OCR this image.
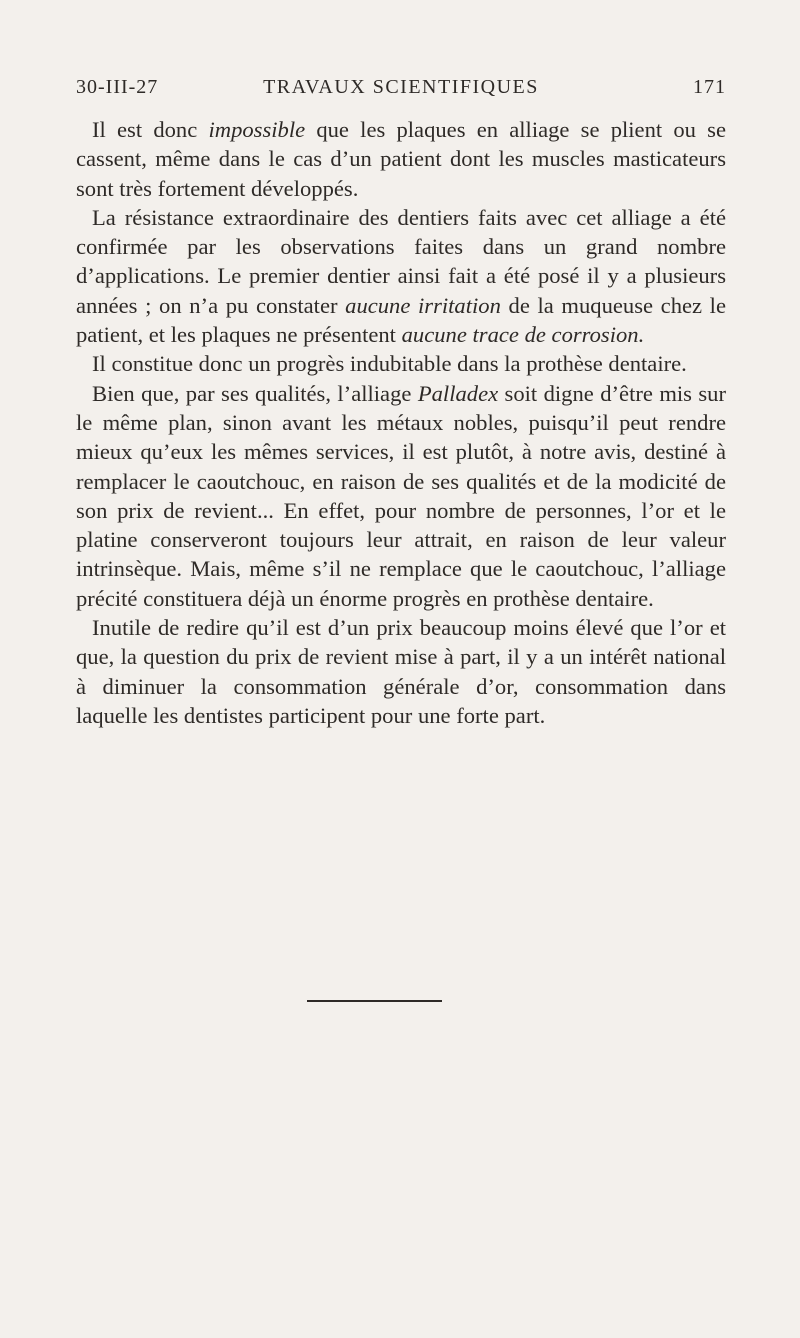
30-III-27	TRAVAUX SCIENTIFIQUES	171

Il est donc impossible que les plaques en alliage se plient ou se cassent, même dans le cas d’un patient dont les muscles masticateurs sont très fortement développés.

La résistance extraordinaire des dentiers faits avec cet alliage a été confirmée par les observations faites dans un grand nombre d’applications. Le premier dentier ainsi fait a été posé il y a plusieurs années ; on n’a pu constater aucune irritation de la muqueuse chez le patient, et les plaques ne présentent aucune trace de corrosion.

Il constitue donc un progrès indubitable dans la prothèse dentaire.

Bien que, par ses qualités, l’alliage Palladex soit digne d’être mis sur le même plan, sinon avant les métaux nobles, puisqu’il peut rendre mieux qu’eux les mêmes services, il est plutôt, à notre avis, destiné à remplacer le caoutchouc, en raison de ses qualités et de la modicité de son prix de revient... En effet, pour nombre de personnes, l’or et le platine conserveront toujours leur attrait, en raison de leur valeur intrinsèque. Mais, même s’il ne remplace que le caoutchouc, l’alliage précité constituera déjà un énorme progrès en prothèse dentaire.

Inutile de redire qu’il est d’un prix beaucoup moins élevé que l’or et que, la question du prix de revient mise à part, il y a un intérêt national à diminuer la consommation générale d’or, consommation dans laquelle les dentistes participent pour une forte part.
